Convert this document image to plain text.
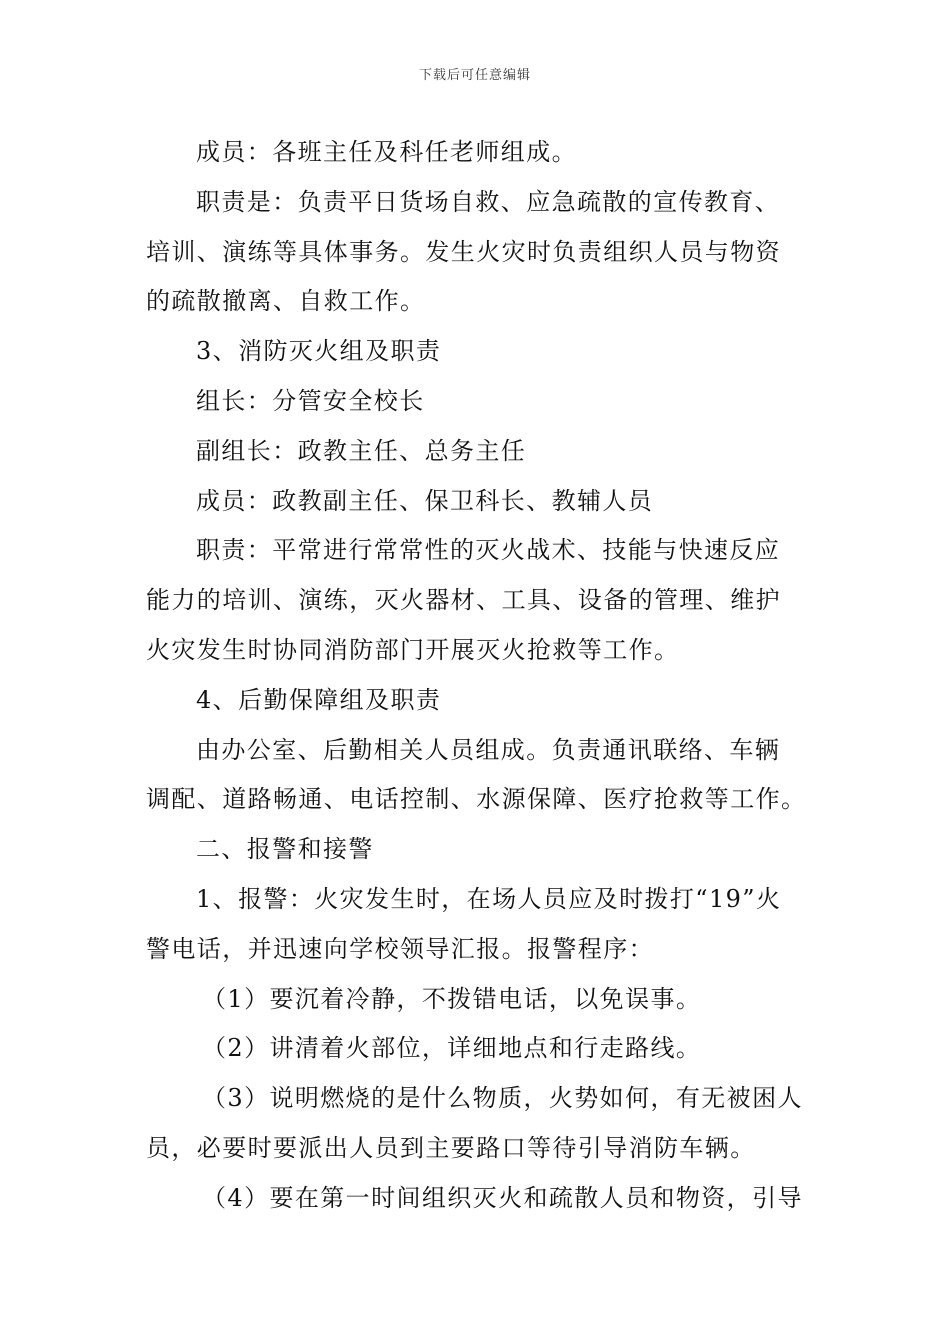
下载后可任意编辑
成员：各班主任及科任老师组成。
职责是：负责平日货场自救、应急疏散的宣传教育、
培训、演练等具体事务。发生火灾时负责组织人员与物资
的疏散撤离、自救工作。
3、消防灭火组及职责
组长：分管安全校长
副组长：政教主任、总务主任
成员：政教副主任、保卫科长、教辅人员
职责：平常进行常常性的灭火战术、技能与快速反应
能力的培训、演练，灭火器材、工具、设备的管理、维护
火灾发生时协同消防部门开展灭火抢救等工作。
4、后勤保障组及职责
由办公室、后勤相关人员组成。负责通讯联络、车辆
调配、道路畅通、电话控制、水源保障、医疗抢救等工作。
二、报警和接警
1、报警：火灾发生时，在场人员应及时拨打“19”火
警电话，并迅速向学校领导汇报。报警程序：
（1）要沉着冷静，不拨错电话，以免误事。
（2）讲清着火部位，详细地点和行走路线。
（3）说明燃烧的是什么物质，火势如何，有无被困人
员，必要时要派出人员到主要路口等待引导消防车辆。
（4）要在第一时间组织灭火和疏散人员和物资，引导
